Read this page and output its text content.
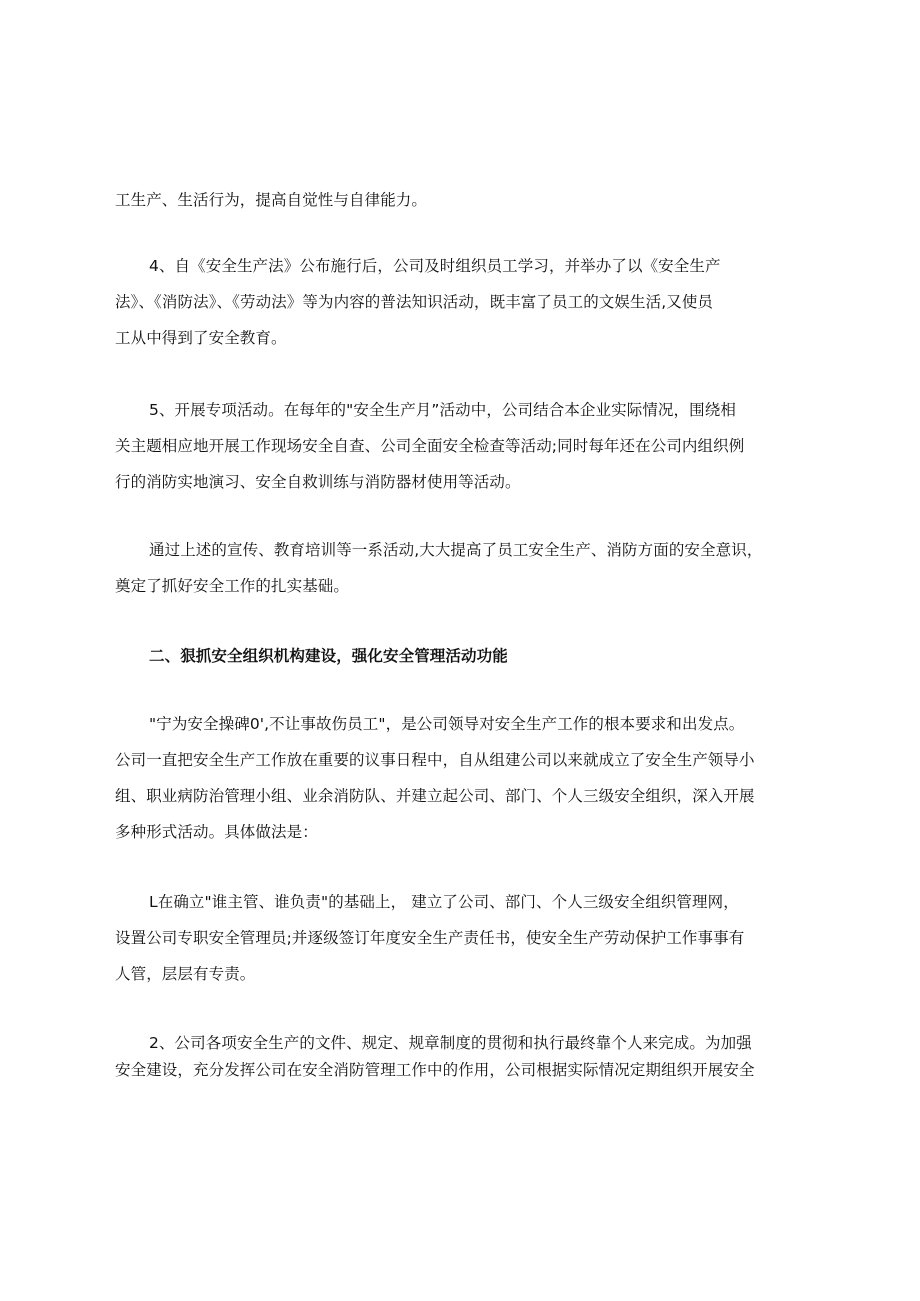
工生产、生活行为，提高自觉性与自律能力。
4、自《安全生产法》公布施行后，公司及时组织员工学习，并举办了以《安全生产
法》、《消防法》、《劳动法》等为内容的普法知识活动，既丰富了员工的文娱生活,又使员
工从中得到了安全教育。
5、开展专项活动。在每年的"安全生产月”活动中，公司结合本企业实际情况，围绕相
关主题相应地开展工作现场安全自查、公司全面安全检查等活动;同时每年还在公司内组织例
行的消防实地演习、安全自救训练与消防器材使用等活动。
通过上述的宣传、教育培训等一系活动,大大提高了员工安全生产、消防方面的安全意识，
奠定了抓好安全工作的扎实基础。
二、狠抓安全组织机构建设，强化安全管理活动功能
"宁为安全操碑0',不让事故伤员工"，是公司领导对安全生产工作的根本要求和出发点。
公司一直把安全生产工作放在重要的议事日程中，自从组建公司以来就成立了安全生产领导小
组、职业病防治管理小组、业余消防队、并建立起公司、部门、个人三级安全组织，深入开展
多种形式活动。具体做法是：
L在确立"谁主管、谁负责"的基础上， 建立了公司、部门、个人三级安全组织管理网，
设置公司专职安全管理员;并逐级签订年度安全生产责任书，使安全生产劳动保护工作事事有
人管，层层有专责。
2、公司各项安全生产的文件、规定、规章制度的贯彻和执行最终靠个人来完成。为加强
安全建设，充分发挥公司在安全消防管理工作中的作用，公司根据实际情况定期组织开展安全
